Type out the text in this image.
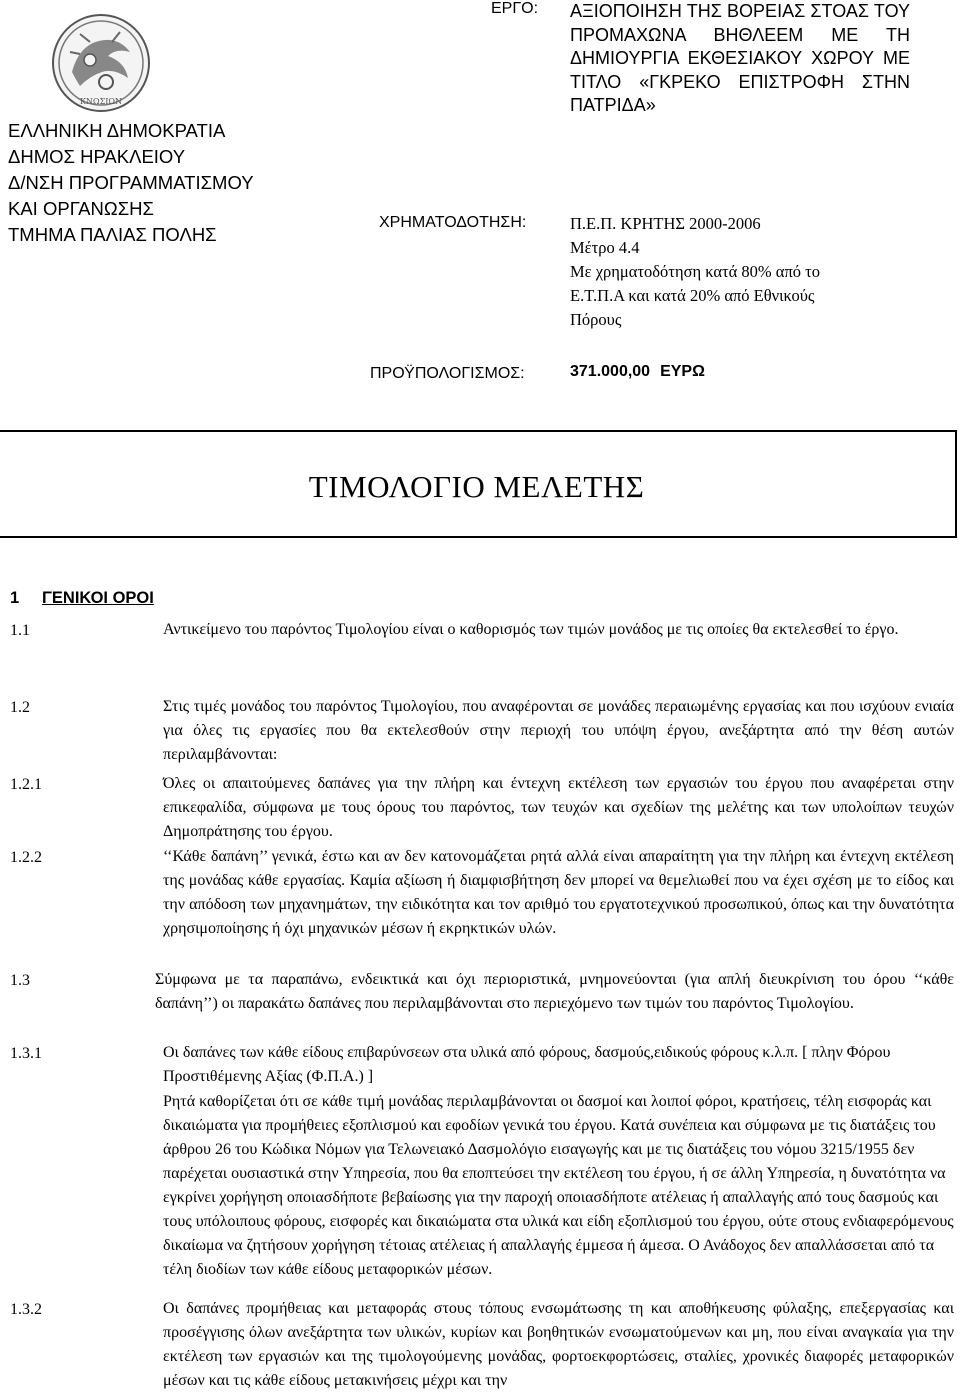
ΚΝΩΣΙΩΝ
ΕΛΛΗΝΙΚΗ ΔΗΜΟΚΡΑΤΙΑ
ΔΗΜΟΣ ΗΡΑΚΛΕΙΟΥ
Δ/ΝΣΗ ΠΡΟΓΡΑΜΜΑΤΙΣΜΟΥ
ΚΑΙ ΟΡΓΑΝΩΣΗΣ
ΤΜΗΜΑ ΠΑΛΙΑΣ ΠΟΛΗΣ
ΕΡΓΟ: ΑΞΙΟΠΟΙΗΣΗ ΤΗΣ ΒΟΡΕΙΑΣ ΣΤΟΑΣ ΤΟΥ ΠΡΟΜΑΧΩΝΑ ΒΗΘΛΕΕΜ ΜΕ ΤΗ ΔΗΜΙΟΥΡΓΙΑ ΕΚΘΕΣΙΑΚΟΥ ΧΩΡΟΥ ΜΕ ΤΙΤΛΟ «ΓΚΡΕΚΟ ΕΠΙΣΤΡΟΦΗ ΣΤΗΝ ΠΑΤΡΙΔΑ»
ΧΡΗΜΑΤΟΔΟΤΗΣΗ:	Π.Ε.Π. ΚΡΗΤΗΣ 2000-2006
Μέτρο 4.4
Με χρηματοδότηση κατά 80% από το
Ε.Τ.Π.Α και κατά 20% από Εθνικούς
Πόρους
ΠΡΟΫΠΟΛΟΓΙΣΜΟΣ:	371.000,00 ΕΥΡΩ
ΤΙΜΟΛΟΓΙΟ ΜΕΛΕΤΗΣ
1 ΓΕΝΙΚΟΙ ΟΡΟΙ
1.1	Αντικείμενο του παρόντος Τιμολογίου είναι ο καθορισμός των τιμών μονάδος με τις οποίες θα εκτελεσθεί το έργο.
1.2	Στις τιμές μονάδος του παρόντος Τιμολογίου, που αναφέρονται σε μονάδες περαιωμένης εργασίας και που ισχύουν ενιαία για όλες τις εργασίες που θα εκτελεσθούν στην περιοχή του υπόψη έργου, ανεξάρτητα από την θέση αυτών περιλαμβάνονται:
1.2.1	Όλες οι απαιτούμενες δαπάνες για την πλήρη και έντεχνη εκτέλεση των εργασιών του έργου που αναφέρεται στην επικεφαλίδα, σύμφωνα με τους όρους του παρόντος, των τευχών και σχεδίων της μελέτης και των υπολοίπων τευχών Δημοπράτησης του έργου.
1.2.2	‘‘Κάθε δαπάνη’’ γενικά, έστω και αν δεν κατονομάζεται ρητά αλλά είναι απαραίτητη για την πλήρη και έντεχνη εκτέλεση της μονάδας κάθε εργασίας. Καμία αξίωση ή διαμφισβήτηση δεν μπορεί να θεμελιωθεί που να έχει σχέση με το είδος και την απόδοση των μηχανημάτων, την ειδικότητα και τον αριθμό του εργατοτεχνικού προσωπικού, όπως και την δυνατότητα χρησιμοποίησης ή όχι μηχανικών μέσων ή εκρηκτικών υλών.
1.3	Σύμφωνα με τα παραπάνω, ενδεικτικά και όχι περιοριστικά, μνημονεύονται (για απλή διευκρίνιση του όρου ‘‘κάθε δαπάνη’’) οι παρακάτω δαπάνες που περιλαμβάνονται στο περιεχόμενο των τιμών του παρόντος Τιμολογίου.
1.3.1	Οι δαπάνες των κάθε είδους επιβαρύνσεων στα υλικά από φόρους, δασμούς,ειδικούς φόρους κ.λ.π. [ πλην Φόρου Προστιθέμενης Αξίας (Φ.Π.Α.) ]
Ρητά καθορίζεται ότι σε κάθε τιμή μονάδας περιλαμβάνονται οι δασμοί και λοιποί φόροι, κρατήσεις, τέλη εισφοράς και δικαιώματα για προμήθειες εξοπλισμού και εφοδίων γενικά του έργου. Κατά συνέπεια και σύμφωνα με τις διατάξεις του άρθρου 26 του Κώδικα Νόμων για Τελωνειακό Δασμολόγιο εισαγωγής και με τις διατάξεις του νόμου 3215/1955 δεν παρέχεται ουσιαστικά στην Υπηρεσία, που θα εποπτεύσει την εκτέλεση του έργου, ή σε άλλη Υπηρεσία, η δυνατότητα να εγκρίνει χορήγηση οποιασδήποτε βεβαίωσης για την παροχή οποιασδήποτε ατέλειας ή απαλλαγής από τους δασμούς και τους υπόλοιπους φόρους, εισφορές και δικαιώματα στα υλικά και είδη εξοπλισμού του έργου, ούτε στους ενδιαφερόμενους δικαίωμα να ζητήσουν χορήγηση τέτοιας ατέλειας ή απαλλαγής έμμεσα ή άμεσα. Ο Ανάδοχος δεν απαλλάσσεται από τα τέλη διοδίων των κάθε είδους μεταφορικών μέσων.
1.3.2	Οι δαπάνες προμήθειας και μεταφοράς στους τόπους ενσωμάτωσης τη και αποθήκευσης φύλαξης, επεξεργασίας και προσέγγισης όλων ανεξάρτητα των υλικών, κυρίων και βοηθητικών ενσωματούμενων και μη, που είναι αναγκαία για την εκτέλεση των εργασιών και της τιμολογούμενης μονάδας, φορτοεκφορτώσεις, σταλίες, χρονικές διαφορές μεταφορικών μέσων και τις κάθε είδους μετακινήσεις μέχρι και την
